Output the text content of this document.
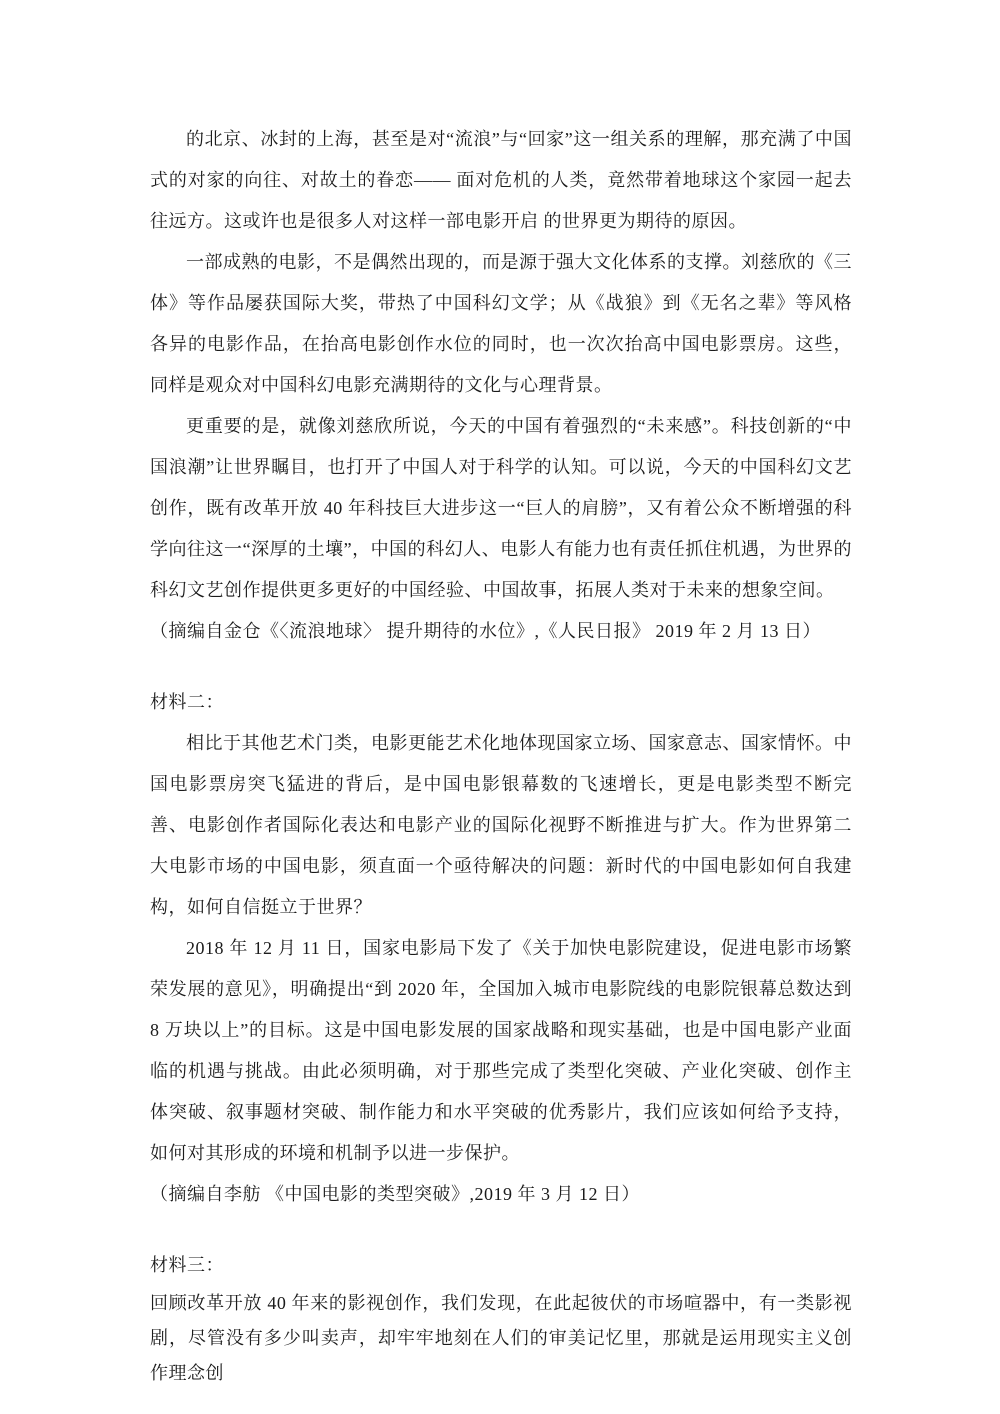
的北京、冰封的上海，甚至是对“流浪”与“回家”这一组关系的理解，那充满了中国式的对家的向往、对故土的眷恋—— 面对危机的人类，竟然带着地球这个家园一起去往远方。这或许也是很多人对这样一部电影开启 的世界更为期待的原因。

一部成熟的电影，不是偶然出现的，而是源于强大文化体系的支撑。刘慈欣的《三体》等作品屡获国际大奖，带热了中国科幻文学；从《战狼》到《无名之辈》等风格各异的电影作品，在抬高电影创作水位的同时，也一次次抬高中国电影票房。这些，同样是观众对中国科幻电影充满期待的文化与心理背景。

更重要的是，就像刘慈欣所说，今天的中国有着强烈的“未来感”。科技创新的“中国浪潮”让世界瞩目，也打开了中国人对于科学的认知。可以说，今天的中国科幻文艺创作，既有改革开放 40 年科技巨大进步这一“巨人的肩膀”，又有着公众不断增强的科学向往这一“深厚的土壤”，中国的科幻人、电影人有能力也有责任抓住机遇，为世界的科幻文艺创作提供更多更好的中国经验、中国故事，拓展人类对于未来的想象空间。

（摘编自金仓《〈流浪地球〉 提升期待的水位》,《人民日报》 2019 年 2 月 13 日）

材料二：

相比于其他艺术门类，电影更能艺术化地体现国家立场、国家意志、国家情怀。中国电影票房突飞猛进的背后，是中国电影银幕数的飞速增长，更是电影类型不断完善、电影创作者国际化表达和电影产业的国际化视野不断推进与扩大。作为世界第二大电影市场的中国电影，须直面一个亟待解决的问题：新时代的中国电影如何自我建构，如何自信挺立于世界？

2018 年 12 月 11 日，国家电影局下发了《关于加快电影院建设，促进电影市场繁荣发展的意见》，明确提出“到 2020 年，全国加入城市电影院线的电影院银幕总数达到 8 万块以上”的目标。这是中国电影发展的国家战略和现实基础，也是中国电影产业面临的机遇与挑战。由此必须明确，对于那些完成了类型化突破、产业化突破、创作主体突破、叙事题材突破、制作能力和水平突破的优秀影片，我们应该如何给予支持，如何对其形成的环境和机制予以进一步保护。

（摘编自李舫 《中国电影的类型突破》,2019 年 3 月 12 日）

材料三：

回顾改革开放 40 年来的影视创作，我们发现，在此起彼伏的市场喧器中，有一类影视剧，尽管没有多少叫卖声，却牢牢地刻在人们的审美记忆里，那就是运用现实主义创作理念创
